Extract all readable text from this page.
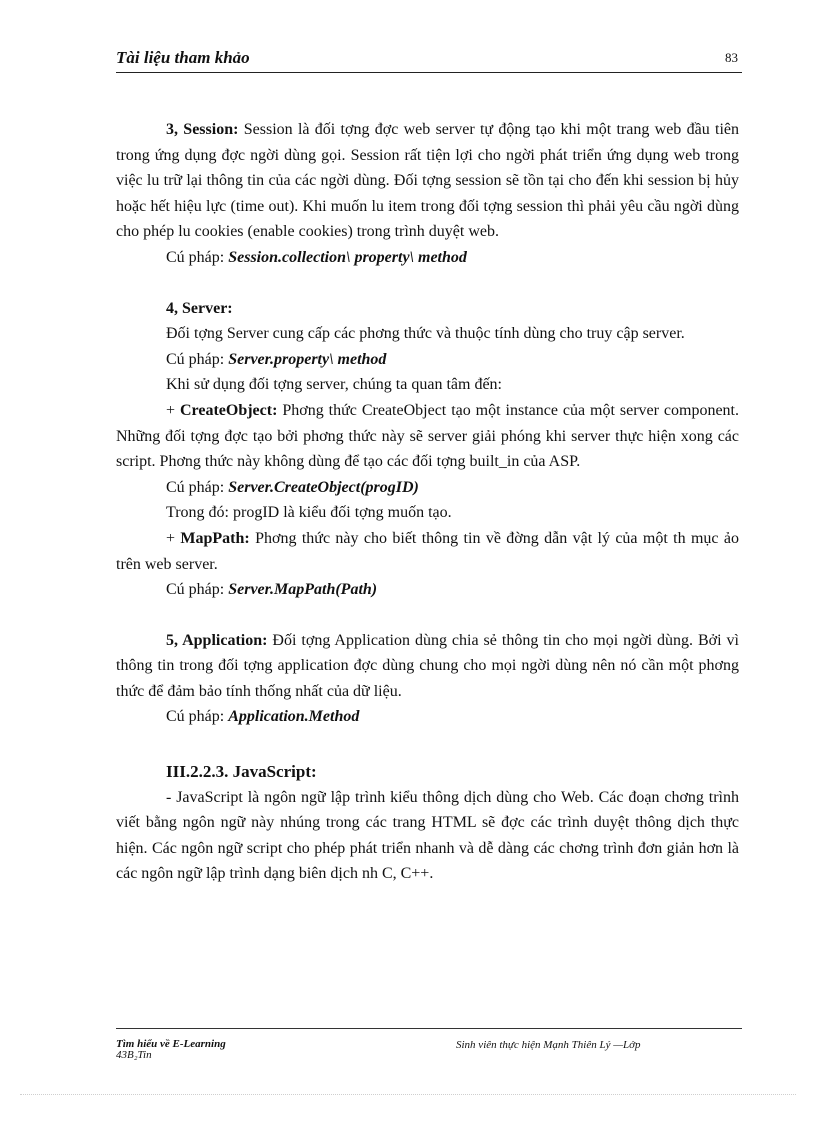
Tài liệu tham khảo	83

3, Session: Session là đối tợng đợc web server tự động tạo khi một trang web đầu tiên trong ứng dụng đợc ngời dùng gọi. Session rất tiện lợi cho ngời phát triển ứng dụng web trong việc lu trữ lại thông tin của các ngời dùng. Đối tợng session sẽ tồn tại cho đến khi session bị hủy hoặc hết hiệu lực (time out). Khi muốn lu item trong đối tợng session thì phải yêu cầu ngời dùng cho phép lu cookies (enable cookies) trong trình duyệt web.

Cú pháp: Session.collection\ property\ method

4, Server:

Đối tợng Server cung cấp các phơng thức và thuộc tính dùng cho truy cập server.

Cú pháp: Server.property\ method

Khi sử dụng đối tợng server, chúng ta quan tâm đến:

+ CreateObject: Phơng thức CreateObject tạo một instance của một server component. Những đối tợng đợc tạo bởi phơng thức này sẽ server giải phóng khi server thực hiện xong các script. Phơng thức này không dùng để tạo các đối tợng built_in của ASP.

Cú pháp: Server.CreateObject(progID)

Trong đó: progID là kiểu đối tợng muốn tạo.

+ MapPath: Phơng thức này cho biết thông tin về đờng dẫn vật lý của một th mục ảo trên web server.

Cú pháp: Server.MapPath(Path)

5, Application: Đối tợng Application dùng chia sẻ thông tin cho mọi ngời dùng. Bởi vì thông tin trong đối tợng application đợc dùng chung cho mọi ngời dùng nên nó cần một phơng thức để đảm bảo tính thống nhất của dữ liệu.

Cú pháp: Application.Method

III.2.2.3. JavaScript:

- JavaScript là ngôn ngữ lập trình kiểu thông dịch dùng cho Web. Các đoạn chơng trình viết bằng ngôn ngữ này nhúng trong các trang HTML sẽ đợc các trình duyệt thông dịch thực hiện. Các ngôn ngữ script cho phép phát triển nhanh và dễ dàng các chơng trình đơn giản hơn là các ngôn ngữ lập trình dạng biên dịch nh C, C++.

Tìm hiểu về E-Learning
43B₂Tin
Sinh viên thực hiện Mạnh Thiên Lý —Lớp
